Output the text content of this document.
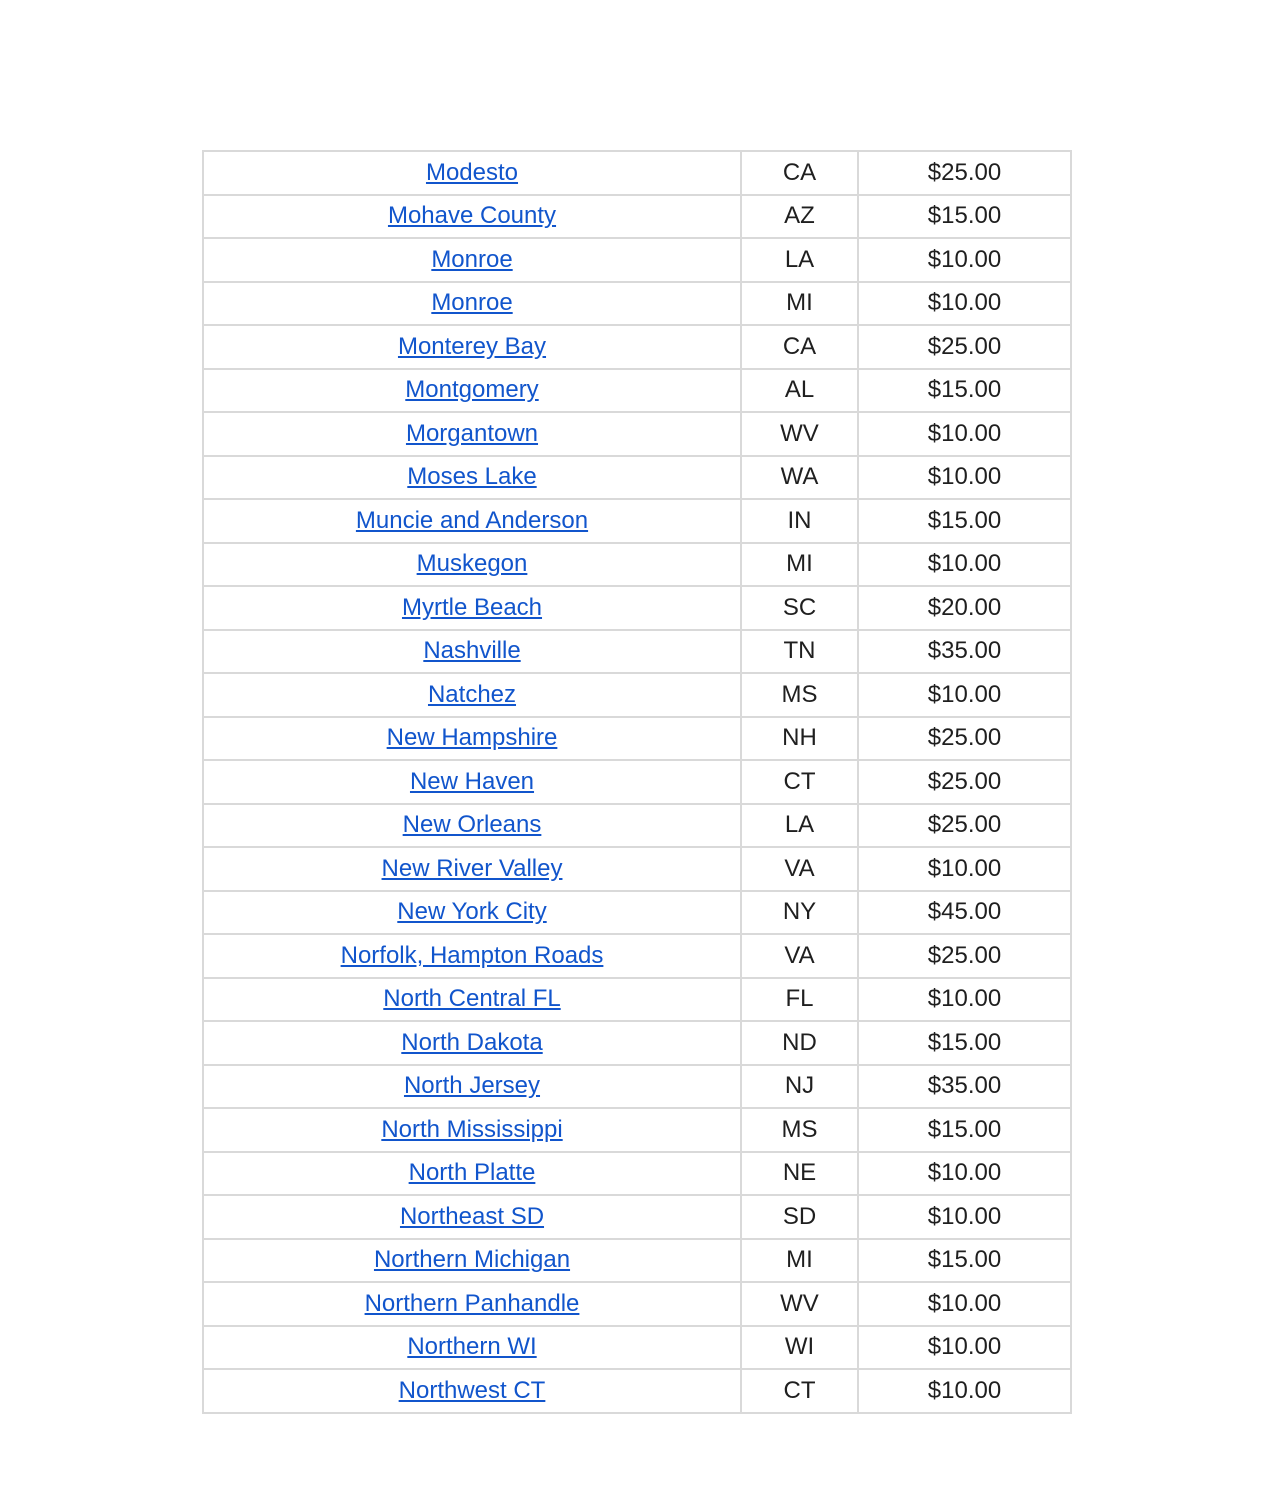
Modesto	CA	$25.00
Mohave County	AZ	$15.00
Monroe	LA	$10.00
Monroe	MI	$10.00
Monterey Bay	CA	$25.00
Montgomery	AL	$15.00
Morgantown	WV	$10.00
Moses Lake	WA	$10.00
Muncie and Anderson	IN	$15.00
Muskegon	MI	$10.00
Myrtle Beach	SC	$20.00
Nashville	TN	$35.00
Natchez	MS	$10.00
New Hampshire	NH	$25.00
New Haven	CT	$25.00
New Orleans	LA	$25.00
New River Valley	VA	$10.00
New York City	NY	$45.00
Norfolk, Hampton Roads	VA	$25.00
North Central FL	FL	$10.00
North Dakota	ND	$15.00
North Jersey	NJ	$35.00
North Mississippi	MS	$15.00
North Platte	NE	$10.00
Northeast SD	SD	$10.00
Northern Michigan	MI	$15.00
Northern Panhandle	WV	$10.00
Northern WI	WI	$10.00
Northwest CT	CT	$10.00
